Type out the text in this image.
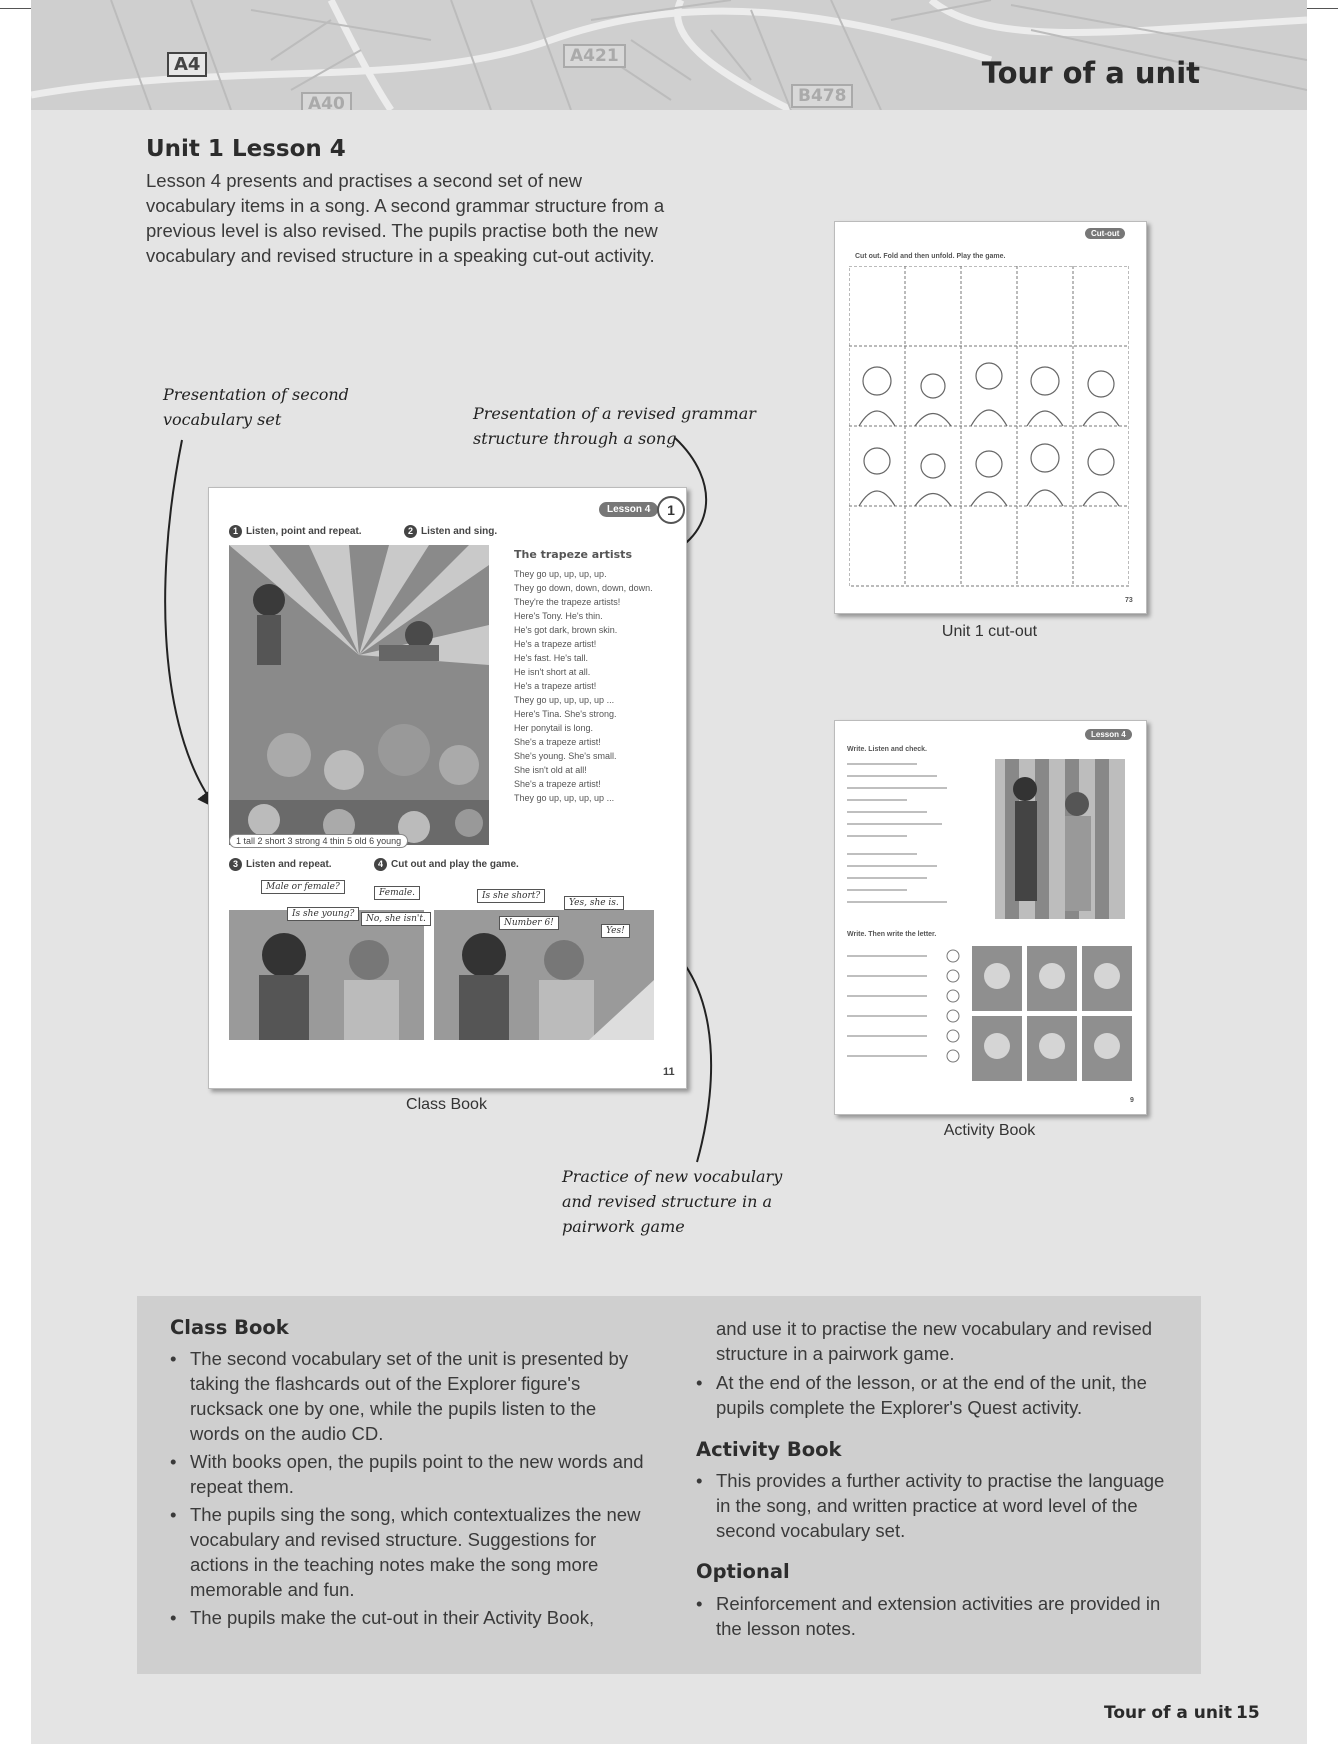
A4	A421
A40	B478
Tour of a unit
Unit 1 Lesson 4
Lesson 4 presents and practises a second set of new vocabulary items in a song. A second grammar structure from a previous level is also revised. The pupils practise both the new vocabulary and revised structure in a speaking cut-out activity.
Presentation of second
vocabulary set	Presentation of a revised grammar
structure through a song
Practice of new vocabulary
and revised structure in a
pairwork game
Lesson 4	1
1 Listen, point and repeat.	2 Listen and sing.
The trapeze artists
They go up, up, up, up.
They go down, down, down, down.
They're the trapeze artists!
Here's Tony. He's thin.
He's got dark, brown skin.
He's a trapeze artist!
He's fast. He's tall.
He isn't short at all.
He's a trapeze artist!
They go up, up, up, up ...
Here's Tina. She's strong.
Her ponytail is long.
She's a trapeze artist!
She's young. She's small.
She isn't old at all!
She's a trapeze artist!
They go up, up, up, up ...
1 tall 2 short 3 strong 4 thin 5 old 6 young
3 Listen and repeat.	4 Cut out and play the game.
Male or female?
Female.
Is she young?	No, she isn't.
Is she short?
Yes, she is.
Number 6!
Yes!
11
Class Book
Cut-out
Cut out. Fold and then unfold. Play the game.
73
Unit 1 cut-out
Lesson 4
Write. Listen and check.
Write. Then write the letter.
9
Activity Book
Class Book
• The second vocabulary set of the unit is presented by taking the flashcards out of the Explorer figure's rucksack one by one, while the pupils listen to the words on the audio CD.
• With books open, the pupils point to the new words and repeat them.
• The pupils sing the song, which contextualizes the new vocabulary and revised structure. Suggestions for actions in the teaching notes make the song more memorable and fun.
• The pupils make the cut-out in their Activity Book,
and use it to practise the new vocabulary and revised structure in a pairwork game.
• At the end of the lesson, or at the end of the unit, the pupils complete the Explorer's Quest activity.
Activity Book
• This provides a further activity to practise the language in the song, and written practice at word level of the second vocabulary set.
Optional
• Reinforcement and extension activities are provided in the lesson notes.
Tour of a unit 15
